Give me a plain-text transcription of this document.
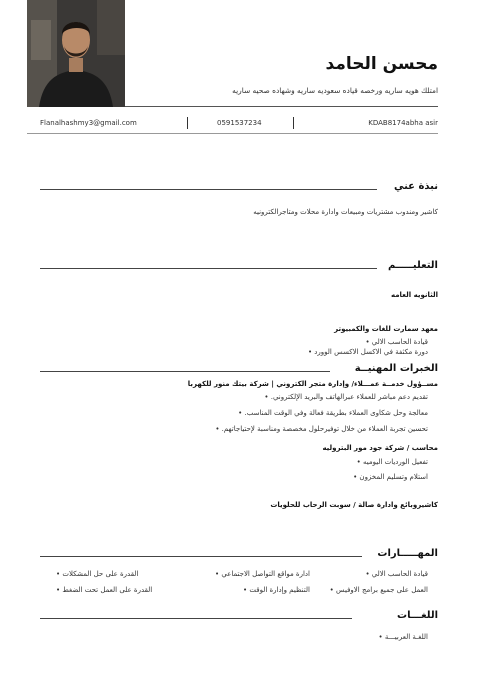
محسن الحامد
امتلك هويه ساريه ورخصه قياده سعوديه ساريه وشهاده صحيه ساريه
Flanalhashmy3@gmail.com	0591537234	KDAB8174abha asir
نبذة عني
كاشير ومندوب مشتريات ومبيعات وادارة محلات ومتاجرالكترونيه
التعليـــــم
الثانويه العامه
معهد سمارت للغات والكمبيوتر
قيادة الحاسب الالي •
دورة مكثفة في الاكسل الاكسس الوورد •
الخبرات المهنيــة
مســؤول خدمــة عمـــلاء/ وإدارة متجر الكتروني | شركة بيتك منور للكهربا
تقديم دعم مباشر للعملاء عبرالهاتف والبريد الإلكتروني. •
معالجة وحل شكاوى العملاء بطريقة فعالة وفي الوقت المناسب. •
تحسين تجربة العملاء من خلال توفيرحلول مخصصة ومناسبة لإحتياجاتهم. •
محاسب / شركة جود مور البتروليه
تفعيل الورديات اليوميه •
استلام وتسليم المخزون •
كاشيروبائع وادارة صالة / سوبت الرحاب للحلويات
المهـــــارات
قيادة الحاسب الالي •
ادارة مواقع التواصل الاجتماعي •
القدرة على حل المشكلات •
العمل على جميع برامج الاوفيس •
التنظيم وإدارة الوقت •
القدرة على العمل تحت الضغط •
اللغـــات
اللغـة العربيـــة •
